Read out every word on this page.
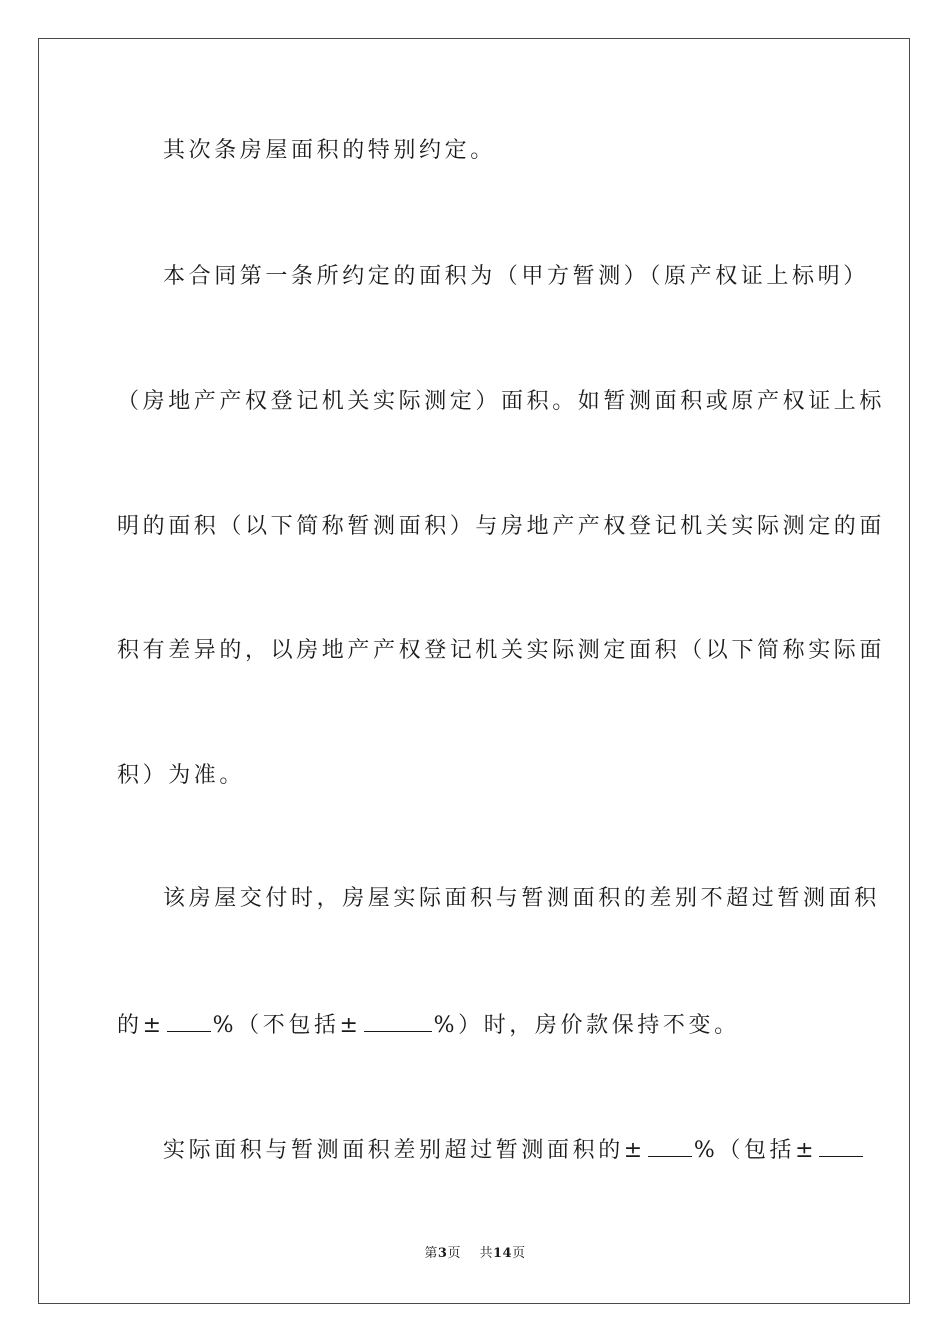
其次条房屋面积的特别约定。
本合同第一条所约定的面积为（甲方暂测）（原产权证上标明）
（房地产产权登记机关实际测定）面积。如暂测面积或原产权证上标
明的面积（以下简称暂测面积）与房地产产权登记机关实际测定的面
积有差异的，以房地产产权登记机关实际测定面积（以下简称实际面
积）为准。
该房屋交付时，房屋实际面积与暂测面积的差别不超过暂测面积
的± %（不包括±	%）时，房价款保持不变。
实际面积与暂测面积差别超过暂测面积的± %（包括±
第3页 共14页
